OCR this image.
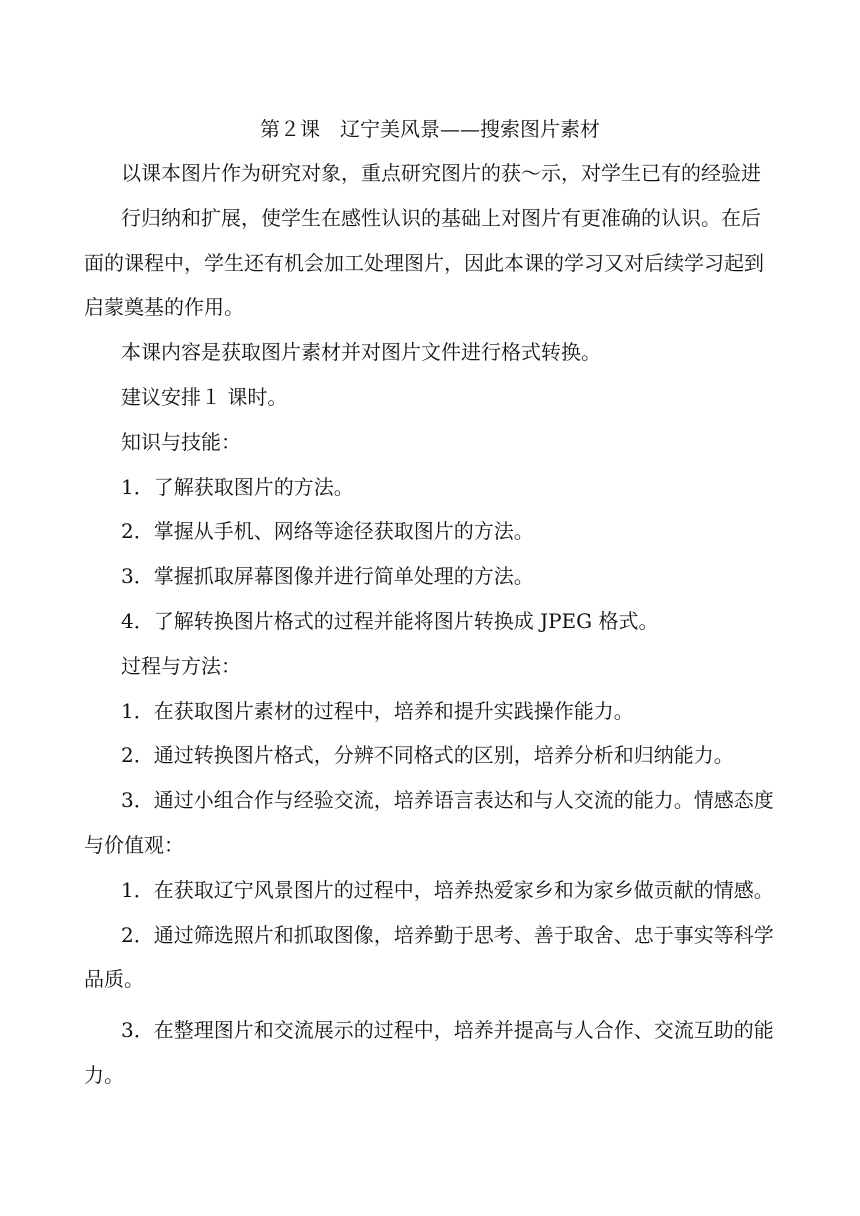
第２课　辽宁美风景——搜索图片素材
以课本图片作为研究对象，重点研究图片的获～示，对学生已有的经验进
行归纳和扩展，使学生在感性认识的基础上对图片有更准确的认识。在后
面的课程中，学生还有机会加工处理图片，因此本课的学习又对后续学习起到
启蒙奠基的作用。
本课内容是获取图片素材并对图片文件进行格式转换。
建议安排１ 课时。
知识与技能：
1．了解获取图片的方法。
2．掌握从手机、网络等途径获取图片的方法。
3．掌握抓取屏幕图像并进行简单处理的方法。
4．了解转换图片格式的过程并能将图片转换成 JPEG 格式。
过程与方法：
1．在获取图片素材的过程中，培养和提升实践操作能力。
2．通过转换图片格式，分辨不同格式的区别，培养分析和归纳能力。
3．通过小组合作与经验交流，培养语言表达和与人交流的能力。情感态度
与价值观：
1．在获取辽宁风景图片的过程中，培养热爱家乡和为家乡做贡献的情感。
2．通过筛选照片和抓取图像，培养勤于思考、善于取舍、忠于事实等科学
品质。
3．在整理图片和交流展示的过程中，培养并提高与人合作、交流互助的能
力。
